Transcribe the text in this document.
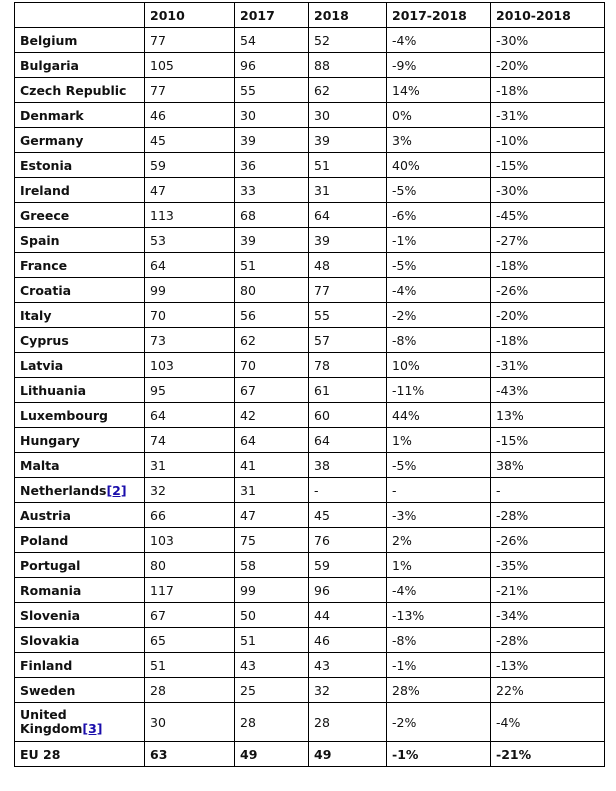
	2010	2017	2018	2017-2018	2010-2018
Belgium	77	54	52	-4%	-30%
Bulgaria	105	96	88	-9%	-20%
Czech Republic	77	55	62	14%	-18%
Denmark	46	30	30	0%	-31%
Germany	45	39	39	3%	-10%
Estonia	59	36	51	40%	-15%
Ireland	47	33	31	-5%	-30%
Greece	113	68	64	-6%	-45%
Spain	53	39	39	-1%	-27%
France	64	51	48	-5%	-18%
Croatia	99	80	77	-4%	-26%
Italy	70	56	55	-2%	-20%
Cyprus	73	62	57	-8%	-18%
Latvia	103	70	78	10%	-31%
Lithuania	95	67	61	-11%	-43%
Luxembourg	64	42	60	44%	13%
Hungary	74	64	64	1%	-15%
Malta	31	41	38	-5%	38%
Netherlands[2]	32	31	-	-	-
Austria	66	47	45	-3%	-28%
Poland	103	75	76	2%	-26%
Portugal	80	58	59	1%	-35%
Romania	117	99	96	-4%	-21%
Slovenia	67	50	44	-13%	-34%
Slovakia	65	51	46	-8%	-28%
Finland	51	43	43	-1%	-13%
Sweden	28	25	32	28%	22%
United Kingdom[3]	30	28	28	-2%	-4%
EU 28	63	49	49	-1%	-21%
